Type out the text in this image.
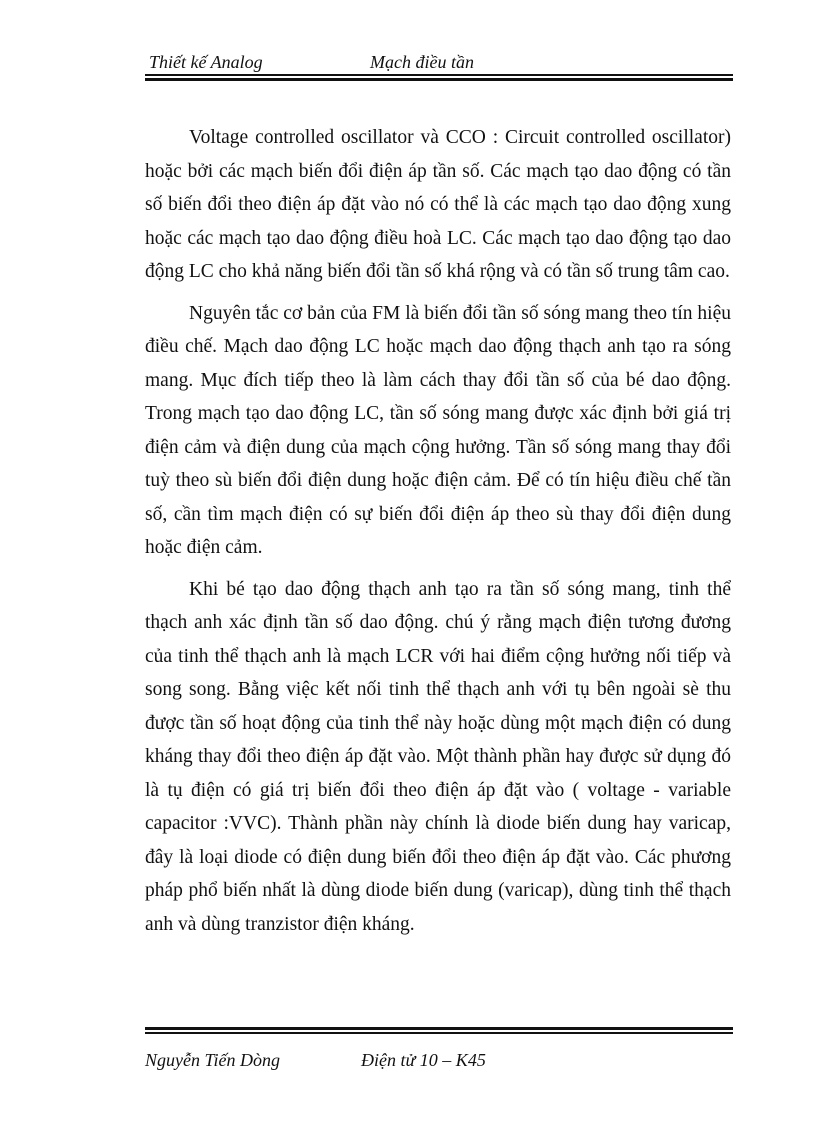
Thiết kế Analog	Mạch điều tần

Voltage controlled oscillator và CCO : Circuit controlled oscillator) hoặc bởi các mạch biến đổi điện áp tần số. Các mạch tạo dao động có tần số biến đổi theo điện áp đặt vào nó có thể là các mạch tạo dao động xung hoặc các mạch tạo dao động điều hoà LC. Các mạch tạo dao động tạo dao động LC cho khả năng biến đổi tần số khá rộng và có tần số trung tâm cao.

Nguyên tắc cơ bản của FM là biến đổi tần số sóng mang theo tín hiệu điều chế. Mạch dao động LC hoặc mạch dao động thạch anh tạo ra sóng mang. Mục đích tiếp theo là làm cách thay đổi tần số của bé dao động. Trong mạch tạo dao động LC, tần số sóng mang được xác định bởi giá trị điện cảm và điện dung của mạch cộng hưởng. Tần số sóng mang thay đổi tuỳ theo sù biến đổi điện dung hoặc điện cảm. Để có tín hiệu điều chế tần số, cần tìm mạch điện có sự biến đổi điện áp theo sù thay đổi điện dung hoặc điện cảm.

Khi bé tạo dao động thạch anh tạo ra tần số sóng mang, tinh thể thạch anh xác định tần số dao động. chú ý rằng mạch điện tương đương của tinh thể thạch anh là mạch LCR với hai điểm cộng hưởng nối tiếp và song song. Bằng việc kết nối tinh thể thạch anh với tụ bên ngoài sè thu được tần số hoạt động của tinh thể này hoặc dùng một mạch điện có dung kháng thay đổi theo điện áp đặt vào. Một thành phần hay được sử dụng đó là tụ điện có giá trị biến đổi theo điện áp đặt vào ( voltage - variable capacitor :VVC). Thành phần này chính là diode biến dung hay varicap, đây là loại diode có điện dung biến đổi theo điện áp đặt vào. Các phương pháp phổ biến nhất là dùng diode biến dung (varicap), dùng tinh thể thạch anh và dùng tranzistor điện kháng.

Nguyễn Tiến Dòng	Điện tử 10 – K45
